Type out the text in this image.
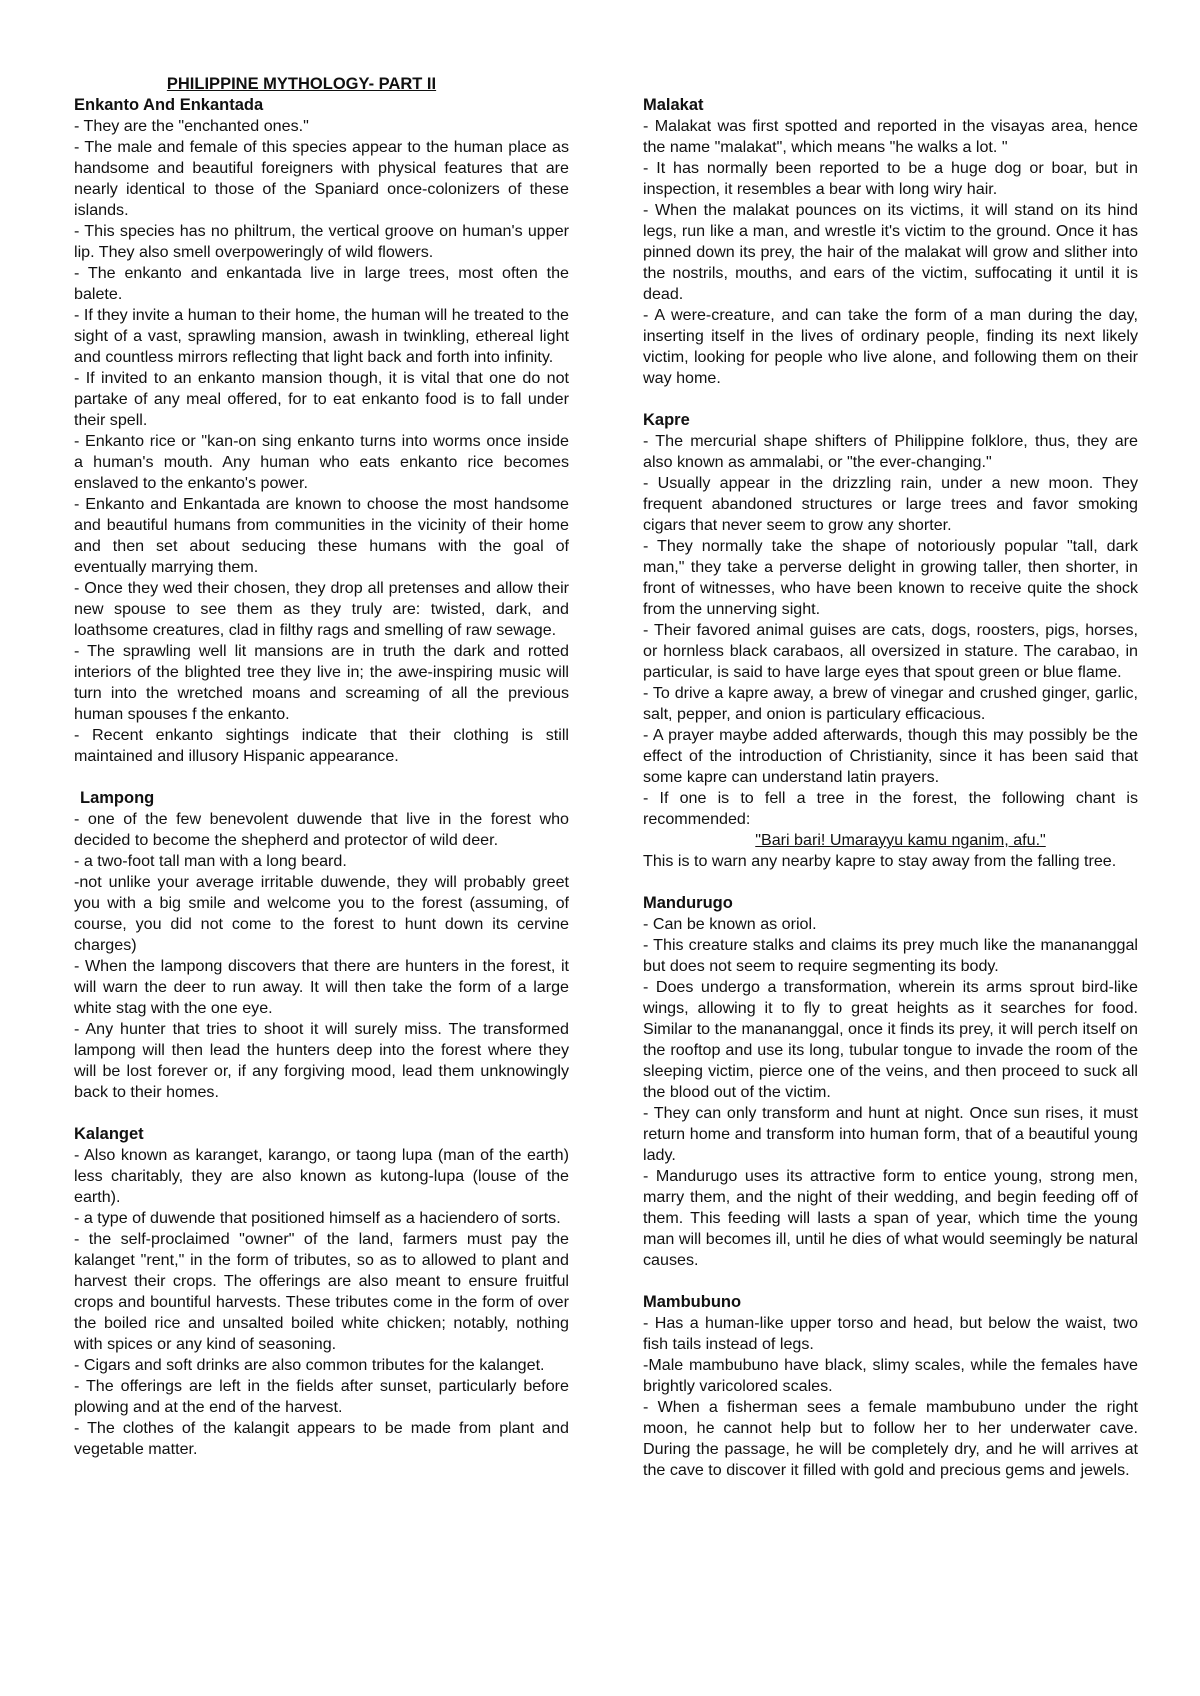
PHILIPPINE MYTHOLOGY- PART II
Enkanto And Enkantada

- They are the "enchanted ones."

- The male and female of this species appear to the human place as handsome and beautiful foreigners with physical features that are nearly identical to those of the Spaniard once-colonizers of these islands.

- This species has no philtrum, the vertical groove on human's upper lip. They also smell overpoweringly of wild flowers.

- The enkanto and enkantada live in large trees, most often the balete.

- If they invite a human to their home, the human will he treated to the sight of a vast, sprawling mansion, awash in twinkling, ethereal light and countless mirrors reflecting that light back and forth into infinity.

- If invited to an enkanto mansion though, it is vital that one do not partake of any meal offered, for to eat enkanto food is to fall under their spell.

- Enkanto rice or "kan-on sing enkanto turns into worms once inside a human's mouth. Any human who eats enkanto rice becomes enslaved to the enkanto's power.

- Enkanto and Enkantada are known to choose the most handsome and beautiful humans from communities in the vicinity of their home and then set about seducing these humans with the goal of eventually marrying them.

- Once they wed their chosen, they drop all pretenses and allow their new spouse to see them as they truly are: twisted, dark, and loathsome creatures, clad in filthy rags and smelling of raw sewage.

- The sprawling well lit mansions are in truth the dark and rotted interiors of the blighted tree they live in; the awe-inspiring music will turn into the wretched moans and screaming of all the previous human spouses f the enkanto.

- Recent enkanto sightings indicate that their clothing is still maintained and illusory Hispanic appearance.

Lampong

- one of the few benevolent duwende that live in the forest who decided to become the shepherd and protector of wild deer.

- a two-foot tall man with a long beard.

-not unlike your average irritable duwende, they will probably greet you with a big smile and welcome you to the forest (assuming, of course, you did not come to the forest to hunt down its cervine charges)

- When the lampong discovers that there are hunters in the forest, it will warn the deer to run away. It will then take the form of a large white stag with the one eye.

- Any hunter that tries to shoot it will surely miss. The transformed lampong will then lead the hunters deep into the forest where they will be lost forever or, if any forgiving mood, lead them unknowingly back to their homes.

Kalanget

- Also known as karanget, karango, or taong lupa (man of the earth) less charitably, they are also known as kutong-lupa (louse of the earth).

- a type of duwende that positioned himself as a haciendero of sorts.

- the self-proclaimed "owner" of the land, farmers must pay the kalanget "rent," in the form of tributes, so as to allowed to plant and harvest their crops. The offerings are also meant to ensure fruitful crops and bountiful harvests. These tributes come in the form of over the boiled rice and unsalted boiled white chicken; notably, nothing with spices or any kind of seasoning.

- Cigars and soft drinks are also common tributes for the kalanget.

- The offerings are left in the fields after sunset, particularly before plowing and at the end of the harvest.

- The clothes of the kalangit appears to be made from plant and vegetable matter.

Malakat

- Malakat was first spotted and reported in the visayas area, hence the name "malakat", which means "he walks a lot. "

- It has normally been reported to be a huge dog or boar, but in inspection, it resembles a bear with long wiry hair.

- When the malakat pounces on its victims, it will stand on its hind legs, run like a man, and wrestle it's victim to the ground. Once it has pinned down its prey, the hair of the malakat will grow and slither into the nostrils, mouths, and ears of the victim, suffocating it until it is dead.

- A were-creature, and can take the form of a man during the day, inserting itself in the lives of ordinary people, finding its next likely victim, looking for people who live alone, and following them on their way home.

Kapre

- The mercurial shape shifters of Philippine folklore, thus, they are also known as ammalabi, or "the ever-changing."

- Usually appear in the drizzling rain, under a new moon. They frequent abandoned structures or large trees and favor smoking cigars that never seem to grow any shorter.

- They normally take the shape of notoriously popular "tall, dark man," they take a perverse delight in growing taller, then shorter, in front of witnesses, who have been known to receive quite the shock from the unnerving sight.

- Their favored animal guises are cats, dogs, roosters, pigs, horses, or hornless black carabaos, all oversized in stature. The carabao, in particular, is said to have large eyes that spout green or blue flame.

- To drive a kapre away, a brew of vinegar and crushed ginger, garlic, salt, pepper, and onion is particulary efficacious.

- A prayer maybe added afterwards, though this may possibly be the effect of the introduction of Christianity, since it has been said that some kapre can understand latin prayers.

- If one is to fell a tree in the forest, the following chant is recommended:

"Bari bari! Umarayyu kamu nganim, afu."

This is to warn any nearby kapre to stay away from the falling tree.

Mandurugo

- Can be known as oriol.

- This creature stalks and claims its prey much like the manananggal but does not seem to require segmenting its body.

- Does undergo a transformation, wherein its arms sprout bird-like wings, allowing it to fly to great heights as it searches for food. Similar to the manananggal, once it finds its prey, it will perch itself on the rooftop and use its long, tubular tongue to invade the room of the sleeping victim, pierce one of the veins, and then proceed to suck all the blood out of the victim.

- They can only transform and hunt at night. Once sun rises, it must return home and transform into human form, that of a beautiful young lady.

- Mandurugo uses its attractive form to entice young, strong men, marry them, and the night of their wedding, and begin feeding off of them. This feeding will lasts a span of year, which time the young man will becomes ill, until he dies of what would seemingly be natural causes.

Mambubuno

- Has a human-like upper torso and head, but below the waist, two fish tails instead of legs.

-Male mambubuno have black, slimy scales, while the females have brightly varicolored scales.

- When a fisherman sees a female mambubuno under the right moon, he cannot help but to follow her to her underwater cave. During the passage, he will be completely dry, and he will arrives at the cave to discover it filled with gold and precious gems and jewels.
